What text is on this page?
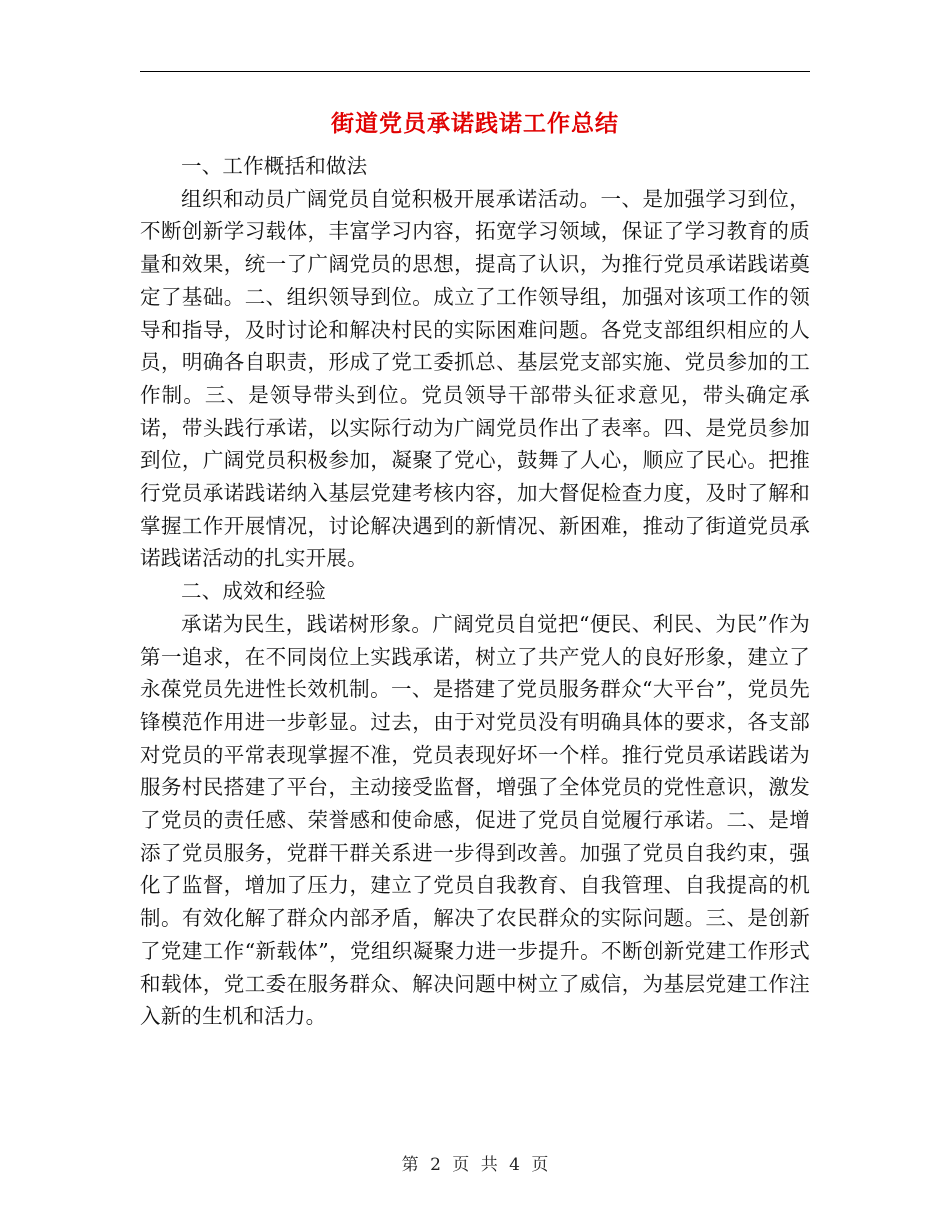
街道党员承诺践诺工作总结

一、工作概括和做法

组织和动员广阔党员自觉积极开展承诺活动。一、是加强学习到位，不断创新学习载体，丰富学习内容，拓宽学习领域，保证了学习教育的质量和效果，统一了广阔党员的思想，提高了认识，为推行党员承诺践诺奠定了基础。二、组织领导到位。成立了工作领导组，加强对该项工作的领导和指导，及时讨论和解决村民的实际困难问题。各党支部组织相应的人员，明确各自职责，形成了党工委抓总、基层党支部实施、党员参加的工作制。三、是领导带头到位。党员领导干部带头征求意见，带头确定承诺，带头践行承诺，以实际行动为广阔党员作出了表率。四、是党员参加到位，广阔党员积极参加，凝聚了党心，鼓舞了人心，顺应了民心。把推行党员承诺践诺纳入基层党建考核内容，加大督促检查力度，及时了解和掌握工作开展情况，讨论解决遇到的新情况、新困难，推动了街道党员承诺践诺活动的扎实开展。

二、成效和经验

承诺为民生，践诺树形象。广阔党员自觉把“便民、利民、为民”作为第一追求，在不同岗位上实践承诺，树立了共产党人的良好形象，建立了永葆党员先进性长效机制。一、是搭建了党员服务群众“大平台”，党员先锋模范作用进一步彰显。过去，由于对党员没有明确具体的要求，各支部对党员的平常表现掌握不准，党员表现好坏一个样。推行党员承诺践诺为服务村民搭建了平台，主动接受监督，增强了全体党员的党性意识，激发了党员的责任感、荣誉感和使命感，促进了党员自觉履行承诺。二、是增添了党员服务，党群干群关系进一步得到改善。加强了党员自我约束，强化了监督，增加了压力，建立了党员自我教育、自我管理、自我提高的机制。有效化解了群众内部矛盾，解决了农民群众的实际问题。三、是创新了党建工作“新载体”，党组织凝聚力进一步提升。不断创新党建工作形式和载体，党工委在服务群众、解决问题中树立了威信，为基层党建工作注入新的生机和活力。

第 2 页 共 4 页
